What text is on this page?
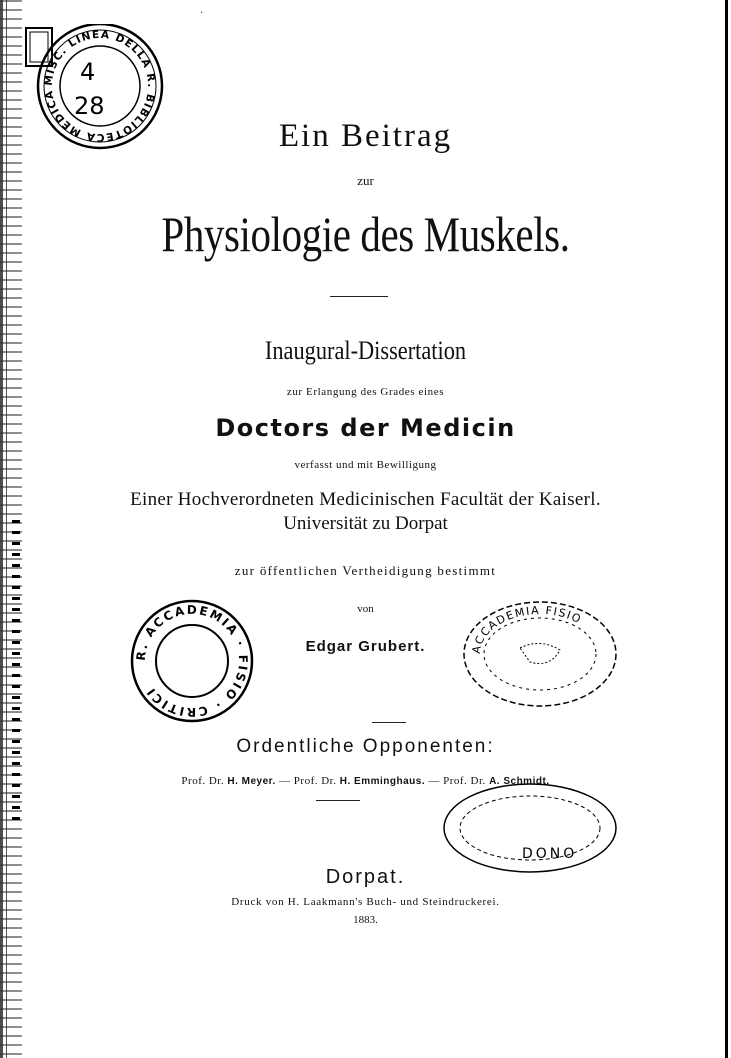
·
MISC. LINEA DELLA R. BIBLIOTECA MEDICA
4
28
Ein Beitrag
zur
Physiologie des Muskels.
Inaugural-Dissertation
zur Erlangung des Grades eines
Doctors der Medicin
verfasst und mit Bewilligung
Einer Hochverordneten Medicinischen Facultät der Kaiserl.
Universität zu Dorpat
zur öffentlichen Vertheidigung bestimmt
von
Edgar Grubert.
R. ACCADEMIA · FISIO · CRITICI
ACCADEMIA FISIO
Ordentliche Opponenten:
Prof. Dr. H. Meyer. — Prof. Dr. H. Emminghaus. — Prof. Dr. A. Schmidt.
DONO
Dorpat.
Druck von H. Laakmann's Buch- und Steindruckerei.
1883.
